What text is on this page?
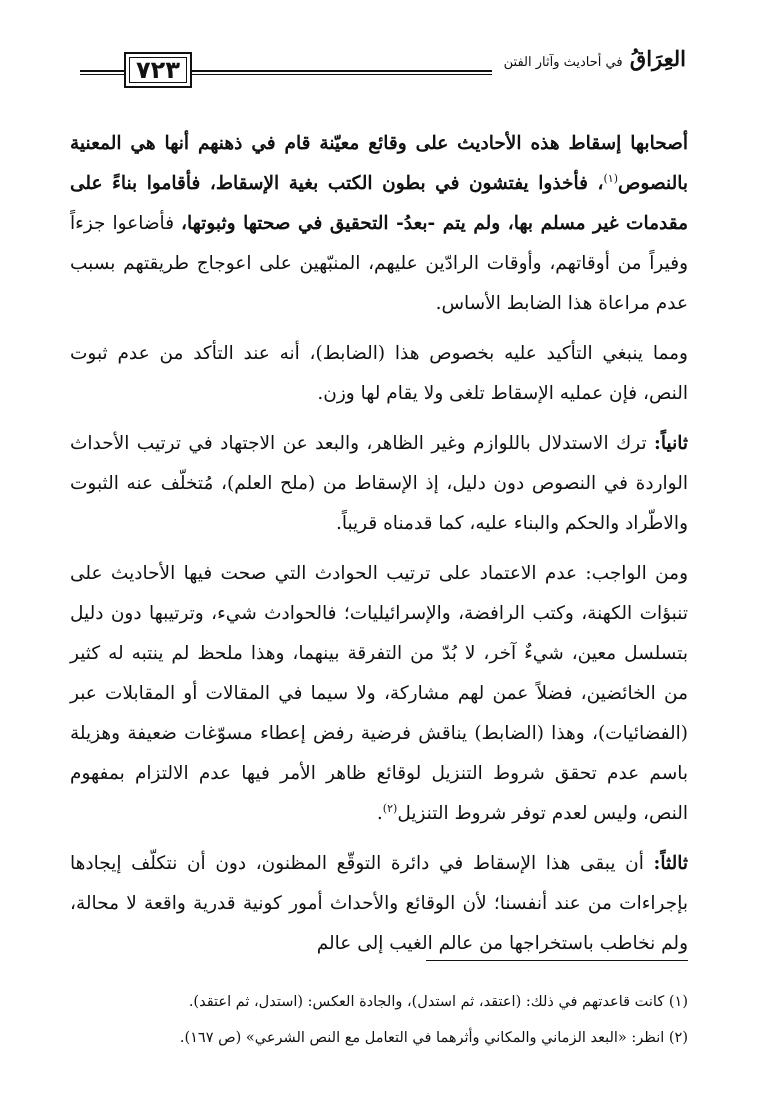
٧٢٣	العِرَاقُ في أحاديث وآثار الفتن

أصحابها إسقاط هذه الأحاديث على وقائع معيّنة قام في ذهنهم أنها هي المعنية بالنصوص$^{(١)}$، فأخذوا يفتشون في بطون الكتب بغية الإسقاط، فأقاموا بناءً على مقدمات غير مسلم بها، ولم يتم -بعدُ- التحقيق في صحتها وثبوتها، فأضاعوا جزءاً وفيراً من أوقاتهم، وأوقات الرادّين عليهم، المنبّهين على اعوجاج طريقتهم بسبب عدم مراعاة هذا الضابط الأساس.

ومما ينبغي التأكيد عليه بخصوص هذا (الضابط)، أنه عند التأكد من عدم ثبوت النص، فإن عمليه الإسقاط تلغى ولا يقام لها وزن.

ثانياً: ترك الاستدلال باللوازم وغير الظاهر، والبعد عن الاجتهاد في ترتيب الأحداث الواردة في النصوص دون دليل، إذ الإسقاط من (ملح العلم)، مُتخلّف عنه الثبوت والاطّراد والحكم والبناء عليه، كما قدمناه قريباً.

ومن الواجب: عدم الاعتماد على ترتيب الحوادث التي صحت فيها الأحاديث على تنبؤات الكهنة، وكتب الرافضة، والإسرائيليات؛ فالحوادث شيء، وترتيبها دون دليل بتسلسل معين، شيءٌ آخر، لا بُدّ من التفرقة بينهما، وهذا ملحظ لم ينتبه له كثير من الخائضين، فضلاً عمن لهم مشاركة، ولا سيما في المقالات أو المقابلات عبر (الفضائيات)، وهذا (الضابط) يناقش فرضية رفض إعطاء مسوّغات ضعيفة وهزيلة باسم عدم تحقق شروط التنزيل لوقائع ظاهر الأمر فيها عدم الالتزام بمفهوم النص، وليس لعدم توفر شروط التنزيل$^{(٢)}$.

ثالثاً: أن يبقى هذا الإسقاط في دائرة التوقّع المظنون، دون أن نتكلّف إيجادها بإجراءات من عند أنفسنا؛ لأن الوقائع والأحداث أمور كونية قدرية واقعة لا محالة، ولم نخاطب باستخراجها من عالم الغيب إلى عالم

(١) كانت قاعدتهم في ذلك: (اعتقد، ثم استدل)، والجادة العكس: (استدل، ثم اعتقد).

(٢) انظر: «البعد الزماني والمكاني وأثرهما في التعامل مع النص الشرعي» (ص ١٦٧).
